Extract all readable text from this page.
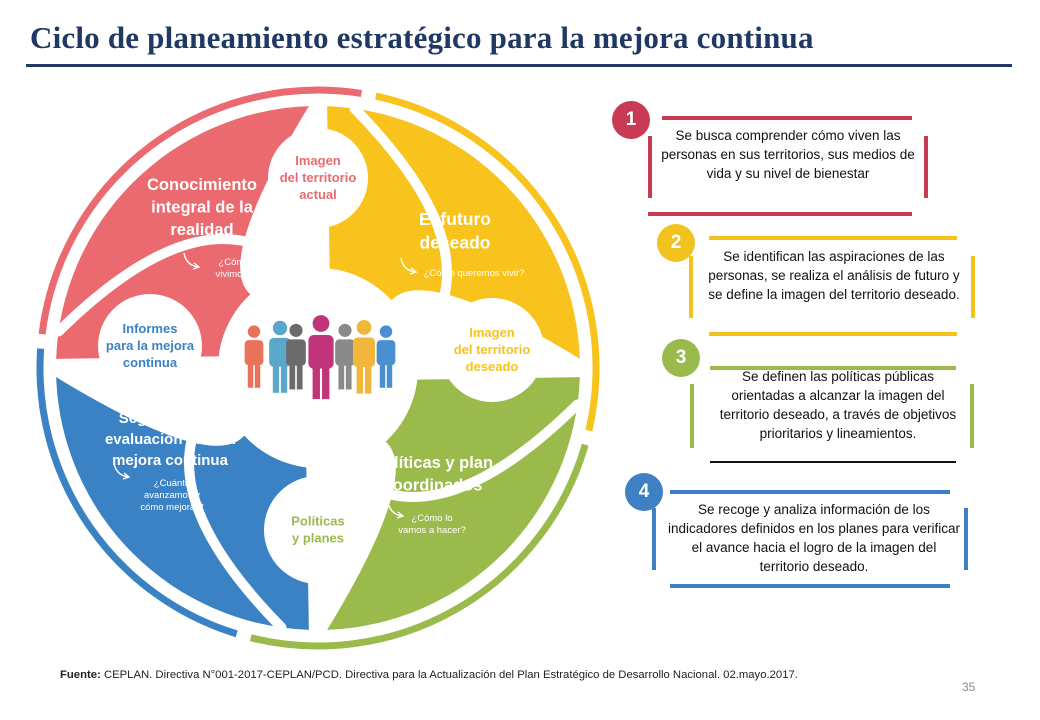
Ciclo de planeamiento estratégico para la mejora continua
Imagen
del territorio
actual
Imagen
del territorio
deseado
Políticas
y planes
Informes
para la mejora
continua
Conocimiento
integral de la
realidad
El futuro
deseado
Políticas y plan
coordinados
Seguimiento y
evaluación para la
mejora continua
¿Cómo
vivimos?	¿Cómo queremos vivir?
¿Cómo lo
vamos a hacer?
¿Cuánto
avanzamos y
cómo mejorar?
1
Se busca comprender cómo viven las personas en sus territorios, sus medios de vida y su nivel de bienestar
2
Se identifican las aspiraciones de las personas, se realiza el análisis de futuro y se define la imagen del territorio deseado.
3
Se definen las políticas públicas orientadas a alcanzar la imagen del territorio deseado, a través de objetivos prioritarios y lineamientos.
4
Se recoge y analiza información de los indicadores definidos en los planes para verificar el avance hacia el logro de la imagen del territorio deseado.
Fuente: CEPLAN. Directiva N°001-2017-CEPLAN/PCD. Directiva para la Actualización del Plan Estratégico de Desarrollo Nacional. 02.mayo.2017.
35
